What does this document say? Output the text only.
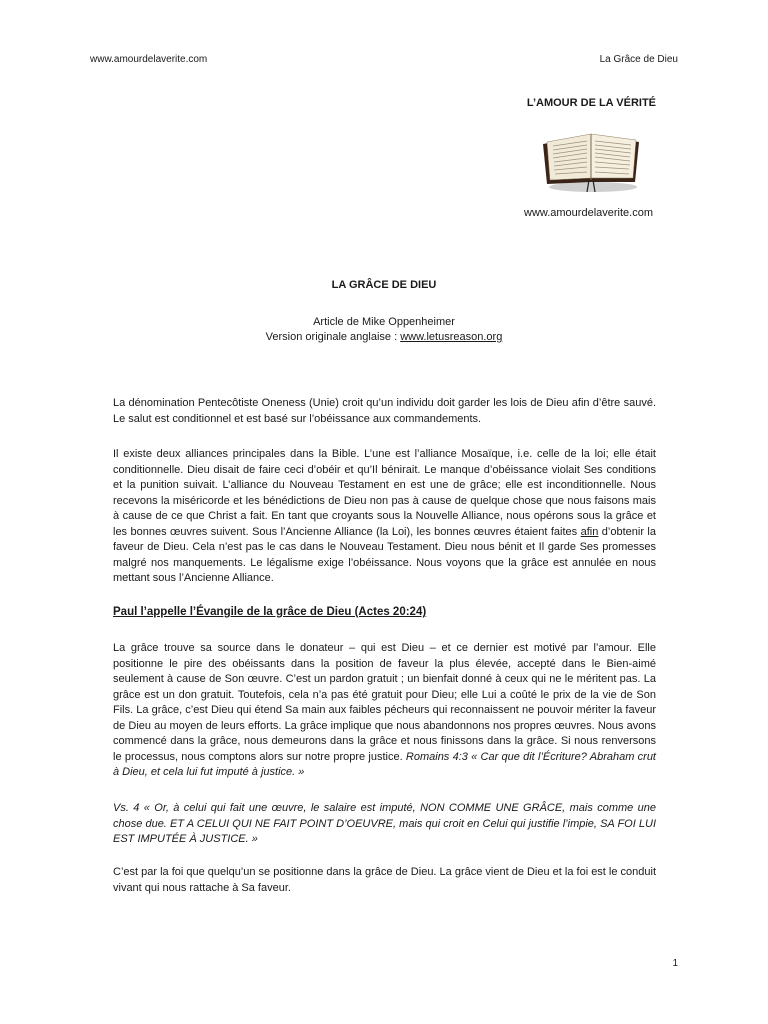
www.amourdelaverite.com	La Grâce de Dieu
L’AMOUR DE LA VÉRITÉ
www.amourdelaverite.com
LA GRÂCE DE DIEU
Article de Mike Oppenheimer
Version originale anglaise : www.letusreason.org
La dénomination Pentecôtiste Oneness (Unie) croit qu’un individu doit garder les lois de Dieu afin d’être sauvé. Le salut est conditionnel et est basé sur l’obéissance aux commandements.
Il existe deux alliances principales dans la Bible. L’une est l’alliance Mosaïque, i.e. celle de la loi; elle était conditionnelle. Dieu disait de faire ceci d’obéir et qu’Il bénirait. Le manque d’obéissance violait Ses conditions et la punition suivait. L’alliance du Nouveau Testament en est une de grâce; elle est inconditionnelle. Nous recevons la miséricorde et les bénédictions de Dieu non pas à cause de quelque chose que nous faisons mais à cause de ce que Christ a fait. En tant que croyants sous la Nouvelle Alliance, nous opérons sous la grâce et les bonnes œuvres suivent. Sous l’Ancienne Alliance (la Loi), les bonnes œuvres étaient faites afin d’obtenir la faveur de Dieu. Cela n’est pas le cas dans le Nouveau Testament. Dieu nous bénit et Il garde Ses promesses malgré nos manquements. Le légalisme exige l’obéissance. Nous voyons que la grâce est annulée en nous mettant sous l’Ancienne Alliance.
Paul l’appelle l’Évangile de la grâce de Dieu (Actes 20:24)
La grâce trouve sa source dans le donateur – qui est Dieu – et ce dernier est motivé par l’amour. Elle positionne le pire des obéissants dans la position de faveur la plus élevée, accepté dans le Bien-aimé seulement à cause de Son œuvre. C’est un pardon gratuit ; un bienfait donné à ceux qui ne le méritent pas. La grâce est un don gratuit. Toutefois, cela n’a pas été gratuit pour Dieu; elle Lui a coûté le prix de la vie de Son Fils. La grâce, c’est Dieu qui étend Sa main aux faibles pécheurs qui reconnaissent ne pouvoir mériter la faveur de Dieu au moyen de leurs efforts. La grâce implique que nous abandonnons nos propres œuvres. Nous avons commencé dans la grâce, nous demeurons dans la grâce et nous finissons dans la grâce. Si nous renversons le processus, nous comptons alors sur notre propre justice. Romains 4:3 « Car que dit l’Écriture? Abraham crut à Dieu, et cela lui fut imputé à justice. »
Vs. 4 « Or, à celui qui fait une œuvre, le salaire est imputé, NON COMME UNE GRÂCE, mais comme une chose due. ET A CELUI QUI NE FAIT POINT D’OEUVRE, mais qui croit en Celui qui justifie l’impie, SA FOI LUI EST IMPUTÉE À JUSTICE. »
C’est par la foi que quelqu’un se positionne dans la grâce de Dieu. La grâce vient de Dieu et la foi est le conduit vivant qui nous rattache à Sa faveur.
1
